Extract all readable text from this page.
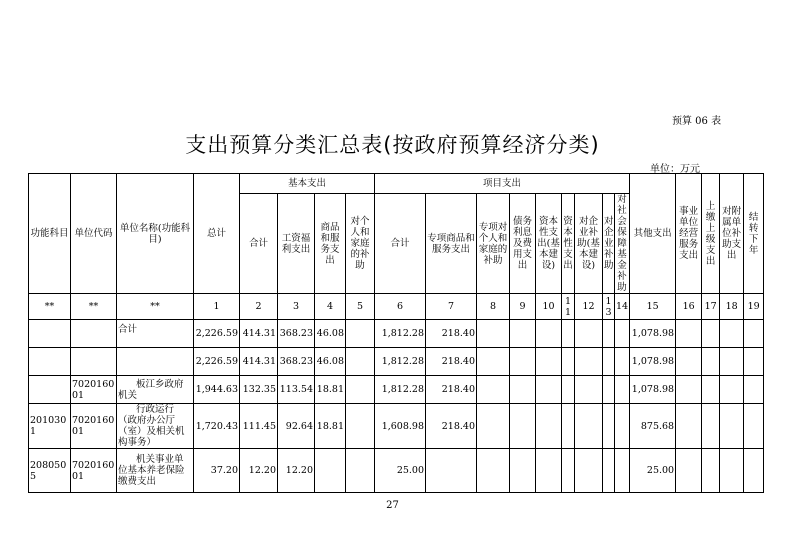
预算 06 表
支出预算分类汇总表(按政府预算经济分类)
单位：万元
功能科目	单位代码	单位名称(功能科目)	总计	基本支出				项目支出									其他支出	事业单位经营服务支出	上缴上级支出	对附属单位补助支出	结转下年
				合计	工资福利支出	商品和服务支出	对个人和家庭的补助	合计	专项商品和服务支出	专项对个人和家庭的补助	债务利息及费用支出	资本性支出(基本建设)	资本性支出	对企业补助(基本建设)	对企业补助	对社会保障基金补助					
**	**	**	1	2	3	4	5	6	7	8	9	10	11	12	13	14	15	16	17	18	19
		合计	2,226.59	414.31	368.23	46.08		1,812.28	218.40								1,078.98				
			2,226.59	414.31	368.23	46.08		1,812.28	218.40								1,078.98				
	702016001	板江乡政府机关	1,944.63	132.35	113.54	18.81		1,812.28	218.40								1,078.98				
2010301	702016001	行政运行（政府办公厅（室）及相关机构事务）	1,720.43	111.45	92.64	18.81		1,608.98	218.40								875.68				
2080505	702016001	机关事业单位基本养老保险缴费支出	37.20	12.20	12.20			25.00									25.00				
27
